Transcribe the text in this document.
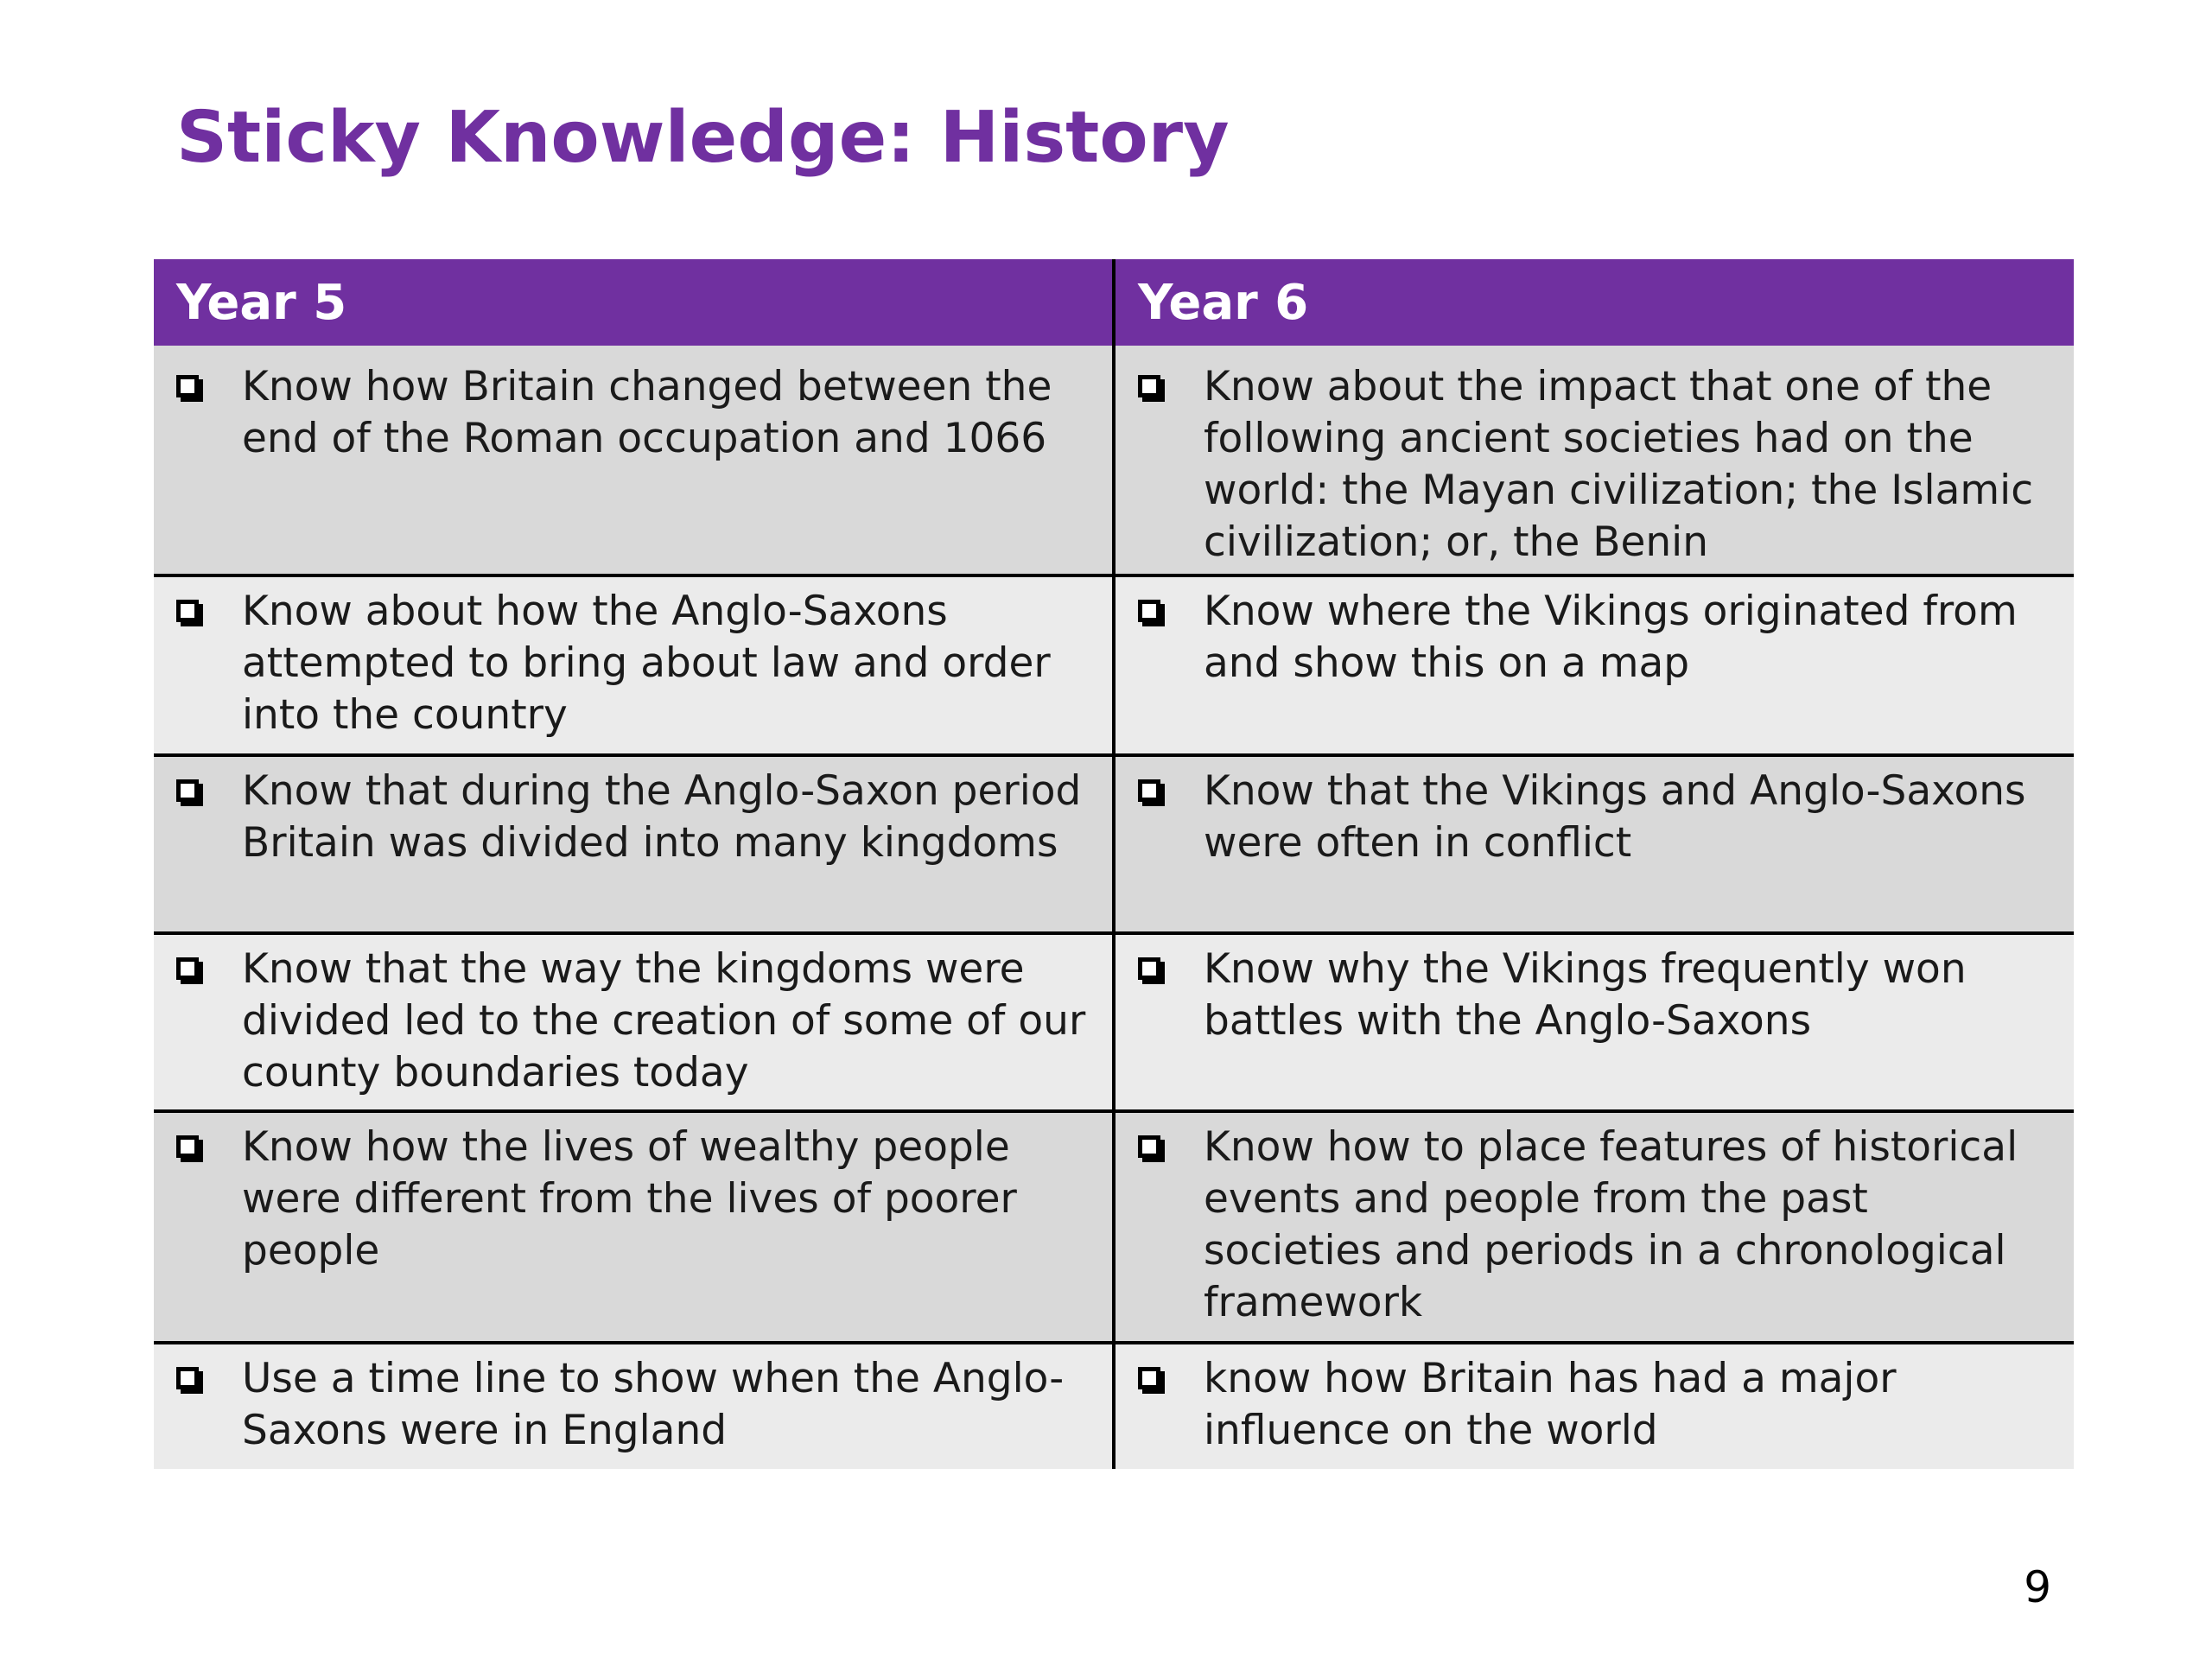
Sticky Knowledge: History
Year 5	Year 6

Know how Britain changed between the end of the Roman occupation and 1066	Know about the impact that one of the following ancient societies had on the world: the Mayan civilization; the Islamic civilization; or, the Benin

Know about how the Anglo-Saxons attempted to bring about law and order into the country	Know where the Vikings originated from and show this on a map

Know that during the Anglo-Saxon period Britain was divided into many kingdoms	Know that the Vikings and Anglo-Saxons were often in conflict

Know that the way the kingdoms were divided led to the creation of some of our county boundaries today	Know why the Vikings frequently won battles with the Anglo-Saxons

Know how the lives of wealthy people were different from the lives of poorer people	Know how to place features of historical events and people from the past societies and periods in a chronological framework

Use a time line to show when the Anglo-Saxons were in England	know how Britain has had a major influence on the world
9
